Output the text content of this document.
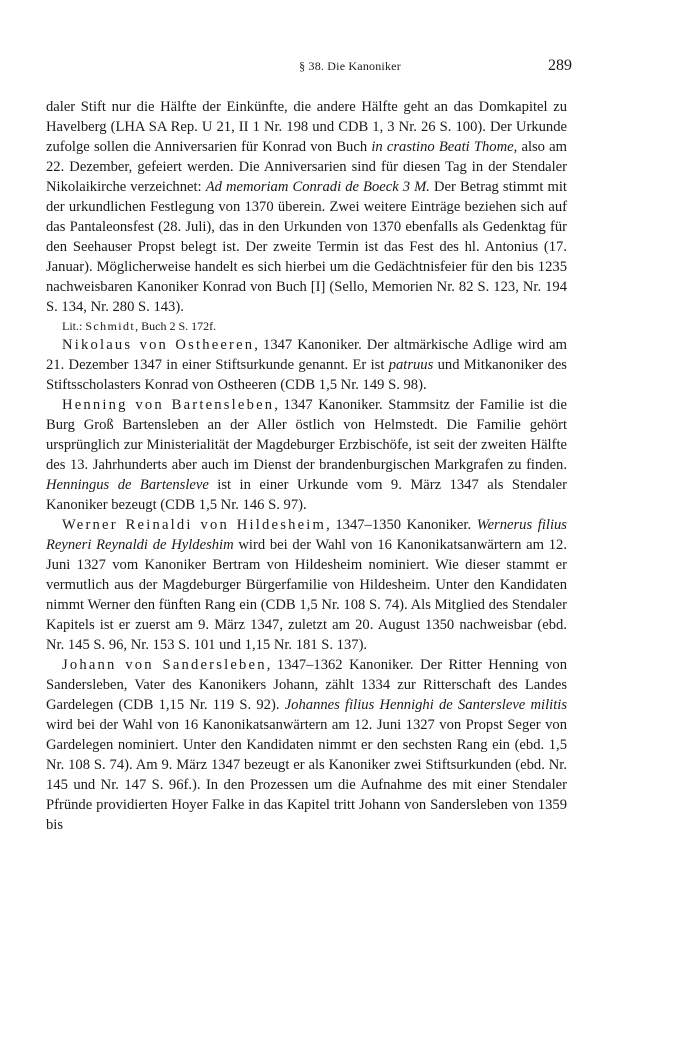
§ 38. Die Kanoniker	289

daler Stift nur die Hälfte der Einkünfte, die andere Hälfte geht an das Domkapitel zu Havelberg (LHA SA Rep. U 21, II 1 Nr. 198 und CDB 1, 3 Nr. 26 S. 100). Der Urkunde zufolge sollen die Anniversarien für Konrad von Buch in crastino Beati Thome, also am 22. Dezember, gefeiert werden. Die Anniversarien sind für diesen Tag in der Stendaler Nikolaikirche verzeichnet: Ad memoriam Conradi de Boeck 3 M. Der Betrag stimmt mit der urkundlichen Festlegung von 1370 überein. Zwei weitere Einträge beziehen sich auf das Pantaleonsfest (28. Juli), das in den Urkunden von 1370 ebenfalls als Gedenktag für den Seehauser Propst belegt ist. Der zweite Termin ist das Fest des hl. Antonius (17. Januar). Möglicherweise handelt es sich hierbei um die Gedächtnisfeier für den bis 1235 nachweisbaren Kanoniker Konrad von Buch [I] (Sello, Memorien Nr. 82 S. 123, Nr. 194 S. 134, Nr. 280 S. 143).

Lit.: Schmidt, Buch 2 S. 172f.

Nikolaus von Ostheeren, 1347 Kanoniker. Der altmärkische Adlige wird am 21. Dezember 1347 in einer Stiftsurkunde genannt. Er ist patruus und Mitkanoniker des Stiftsscholasters Konrad von Ostheeren (CDB 1,5 Nr. 149 S. 98).

Henning von Bartensleben, 1347 Kanoniker. Stammsitz der Familie ist die Burg Groß Bartensleben an der Aller östlich von Helmstedt. Die Familie gehört ursprünglich zur Ministerialität der Magdeburger Erzbischöfe, ist seit der zweiten Hälfte des 13. Jahrhunderts aber auch im Dienst der brandenburgischen Markgrafen zu finden. Henningus de Bartensleve ist in einer Urkunde vom 9. März 1347 als Stendaler Kanoniker bezeugt (CDB 1,5 Nr. 146 S. 97).

Werner Reinaldi von Hildesheim, 1347–1350 Kanoniker. Wernerus filius Reyneri Reynaldi de Hyldeshim wird bei der Wahl von 16 Kanonikatsanwärtern am 12. Juni 1327 vom Kanoniker Bertram von Hildesheim nominiert. Wie dieser stammt er vermutlich aus der Magdeburger Bürgerfamilie von Hildesheim. Unter den Kandidaten nimmt Werner den fünften Rang ein (CDB 1,5 Nr. 108 S. 74). Als Mitglied des Stendaler Kapitels ist er zuerst am 9. März 1347, zuletzt am 20. August 1350 nachweisbar (ebd. Nr. 145 S. 96, Nr. 153 S. 101 und 1,15 Nr. 181 S. 137).

Johann von Sandersleben, 1347–1362 Kanoniker. Der Ritter Henning von Sandersleben, Vater des Kanonikers Johann, zählt 1334 zur Ritterschaft des Landes Gardelegen (CDB 1,15 Nr. 119 S. 92). Johannes filius Hennighi de Santersleve militis wird bei der Wahl von 16 Kanonikatsanwärtern am 12. Juni 1327 von Propst Seger von Gardelegen nominiert. Unter den Kandidaten nimmt er den sechsten Rang ein (ebd. 1,5 Nr. 108 S. 74). Am 9. März 1347 bezeugt er als Kanoniker zwei Stiftsurkunden (ebd. Nr. 145 und Nr. 147 S. 96f.). In den Prozessen um die Aufnahme des mit einer Stendaler Pfründe providierten Hoyer Falke in das Kapitel tritt Johann von Sandersleben von 1359 bis
